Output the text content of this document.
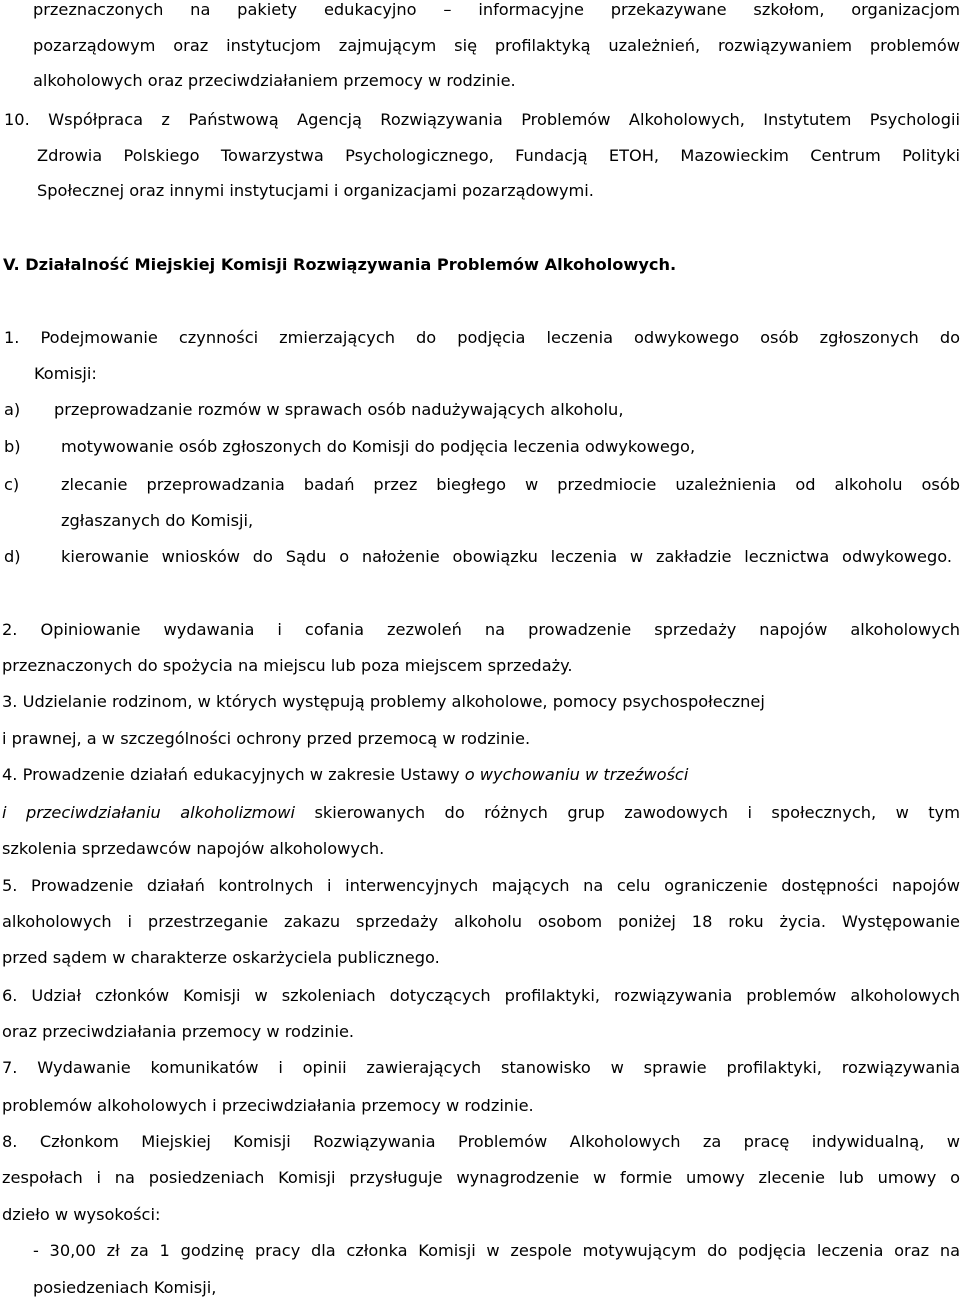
przeznaczonych na pakiety edukacyjno – informacyjne przekazywane szkołom, organizacjom
pozarządowym oraz instytucjom zajmującym się profilaktyką uzależnień, rozwiązywaniem problemów
alkoholowych oraz przeciwdziałaniem przemocy w rodzinie.
10. Współpraca z Państwową Agencją Rozwiązywania Problemów Alkoholowych, Instytutem Psychologii
Zdrowia Polskiego Towarzystwa Psychologicznego, Fundacją ETOH, Mazowieckim Centrum Polityki
Społecznej oraz innymi instytucjami i organizacjami pozarządowymi.
V. Działalność Miejskiej Komisji Rozwiązywania Problemów Alkoholowych.
1. Podejmowanie czynności zmierzających do podjęcia leczenia odwykowego osób zgłoszonych do
Komisji:
a) przeprowadzanie rozmów w sprawach osób nadużywających alkoholu,
b) motywowanie osób zgłoszonych do Komisji do podjęcia leczenia odwykowego,
c)	zlecanie przeprowadzania badań przez biegłego w przedmiocie uzależnienia od alkoholu osób
zgłaszanych do Komisji,
d) kierowanie wniosków do Sądu o nałożenie obowiązku leczenia w zakładzie lecznictwa odwykowego.
2. Opiniowanie wydawania i cofania zezwoleń na prowadzenie sprzedaży napojów alkoholowych
przeznaczonych do spożycia na miejscu lub poza miejscem sprzedaży.
3. Udzielanie rodzinom, w których występują problemy alkoholowe, pomocy psychospołecznej
i prawnej, a w szczególności ochrony przed przemocą w rodzinie.
4. Prowadzenie działań edukacyjnych w zakresie Ustawy o wychowaniu w trzeźwości
i przeciwdziałaniu alkoholizmowi skierowanych do różnych grup zawodowych i społecznych, w tym
szkolenia sprzedawców napojów alkoholowych.
5. Prowadzenie działań kontrolnych i interwencyjnych mających na celu ograniczenie dostępności napojów
alkoholowych i przestrzeganie zakazu sprzedaży alkoholu osobom poniżej 18 roku życia. Występowanie
przed sądem w charakterze oskarżyciela publicznego.
6. Udział członków Komisji w szkoleniach dotyczących profilaktyki, rozwiązywania problemów alkoholowych
oraz przeciwdziałania przemocy w rodzinie.
7. Wydawanie komunikatów i opinii zawierających stanowisko w sprawie profilaktyki, rozwiązywania
problemów alkoholowych i przeciwdziałania przemocy w rodzinie.
8. Członkom Miejskiej Komisji Rozwiązywania Problemów Alkoholowych za pracę indywidualną, w
zespołach i na posiedzeniach Komisji przysługuje wynagrodzenie w formie umowy zlecenie lub umowy o
dzieło w wysokości:
- 30,00 zł za 1 godzinę pracy dla członka Komisji w zespole motywującym do podjęcia leczenia oraz na
posiedzeniach Komisji,
